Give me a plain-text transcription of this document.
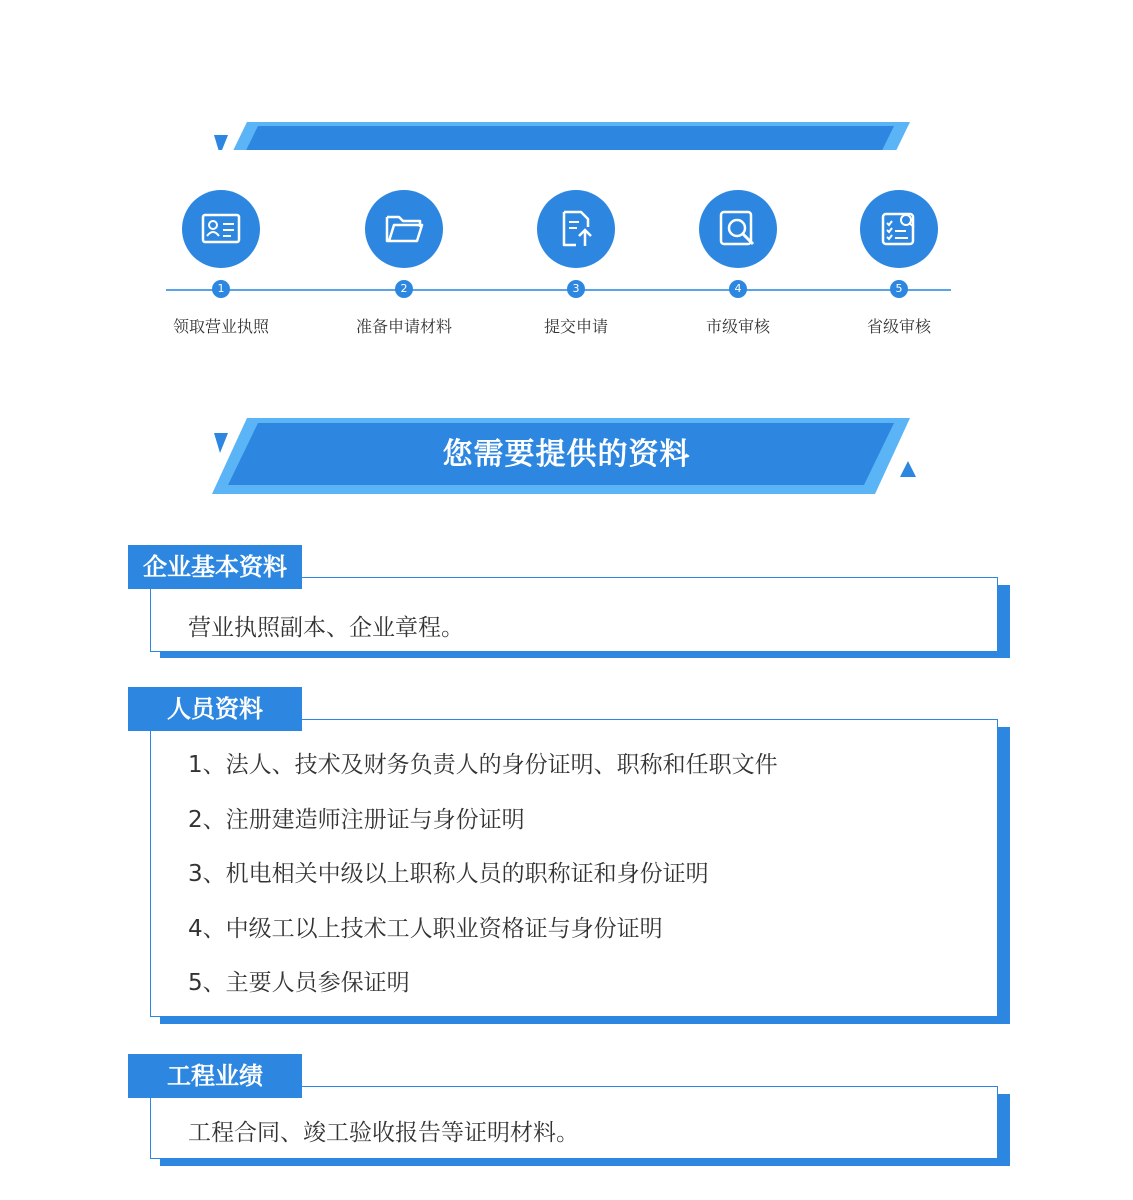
机电工程施工总包办理流程
1
领取营业执照
2
准备申请材料
3
提交申请
4
市级审核
5
省级审核
您需要提供的资料
企业基本资料
营业执照副本、企业章程。
人员资料
1、法人、技术及财务负责人的身份证明、职称和任职文件
2、注册建造师注册证与身份证明
3、机电相关中级以上职称人员的职称证和身份证明
4、中级工以上技术工人职业资格证与身份证明
5、主要人员参保证明
工程业绩
工程合同、竣工验收报告等证明材料。
